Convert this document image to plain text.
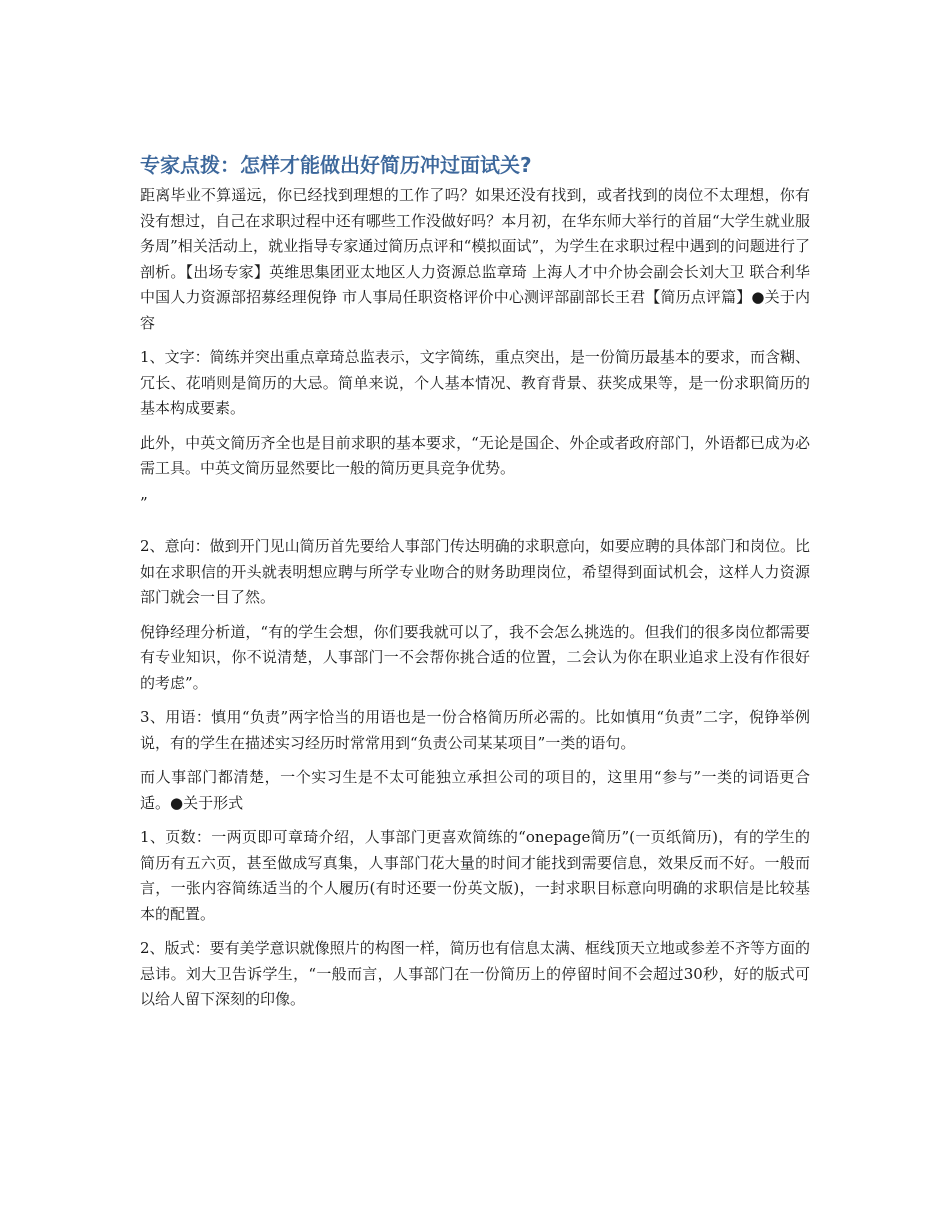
专家点拨：怎样才能做出好简历冲过面试关?

距离毕业不算遥远，你已经找到理想的工作了吗？如果还没有找到，或者找到的岗位不太理想，你有没有想过，自己在求职过程中还有哪些工作没做好吗？本月初，在华东师大举行的首届“大学生就业服务周”相关活动上，就业指导专家通过简历点评和“模拟面试”，为学生在求职过程中遇到的问题进行了剖析。【出场专家】英维思集团亚太地区人力资源总监章琦 上海人才中介协会副会长刘大卫 联合利华中国人力资源部招募经理倪铮 市人事局任职资格评价中心测评部副部长王君【简历点评篇】●关于内容

1、文字：简练并突出重点章琦总监表示，文字简练，重点突出，是一份简历最基本的要求，而含糊、冗长、花哨则是简历的大忌。简单来说，个人基本情况、教育背景、获奖成果等，是一份求职简历的基本构成要素。

此外，中英文简历齐全也是目前求职的基本要求，“无论是国企、外企或者政府部门，外语都已成为必需工具。中英文简历显然要比一般的简历更具竞争优势。

”

2、意向：做到开门见山简历首先要给人事部门传达明确的求职意向，如要应聘的具体部门和岗位。比如在求职信的开头就表明想应聘与所学专业吻合的财务助理岗位，希望得到面试机会，这样人力资源部门就会一目了然。

倪铮经理分析道，“有的学生会想，你们要我就可以了，我不会怎么挑选的。但我们的很多岗位都需要有专业知识，你不说清楚，人事部门一不会帮你挑合适的位置，二会认为你在职业追求上没有作很好的考虑”。

3、用语：慎用“负责”两字恰当的用语也是一份合格简历所必需的。比如慎用“负责”二字，倪铮举例说，有的学生在描述实习经历时常常用到“负责公司某某项目”一类的语句。

而人事部门都清楚，一个实习生是不太可能独立承担公司的项目的，这里用“参与”一类的词语更合适。●关于形式

1、页数：一两页即可章琦介绍，人事部门更喜欢简练的“onepage简历”(一页纸简历)，有的学生的简历有五六页，甚至做成写真集，人事部门花大量的时间才能找到需要信息，效果反而不好。一般而言，一张内容简练适当的个人履历(有时还要一份英文版)，一封求职目标意向明确的求职信是比较基本的配置。

2、版式：要有美学意识就像照片的构图一样，简历也有信息太满、框线顶天立地或参差不齐等方面的忌讳。刘大卫告诉学生，“一般而言，人事部门在一份简历上的停留时间不会超过30秒，好的版式可以给人留下深刻的印像。
